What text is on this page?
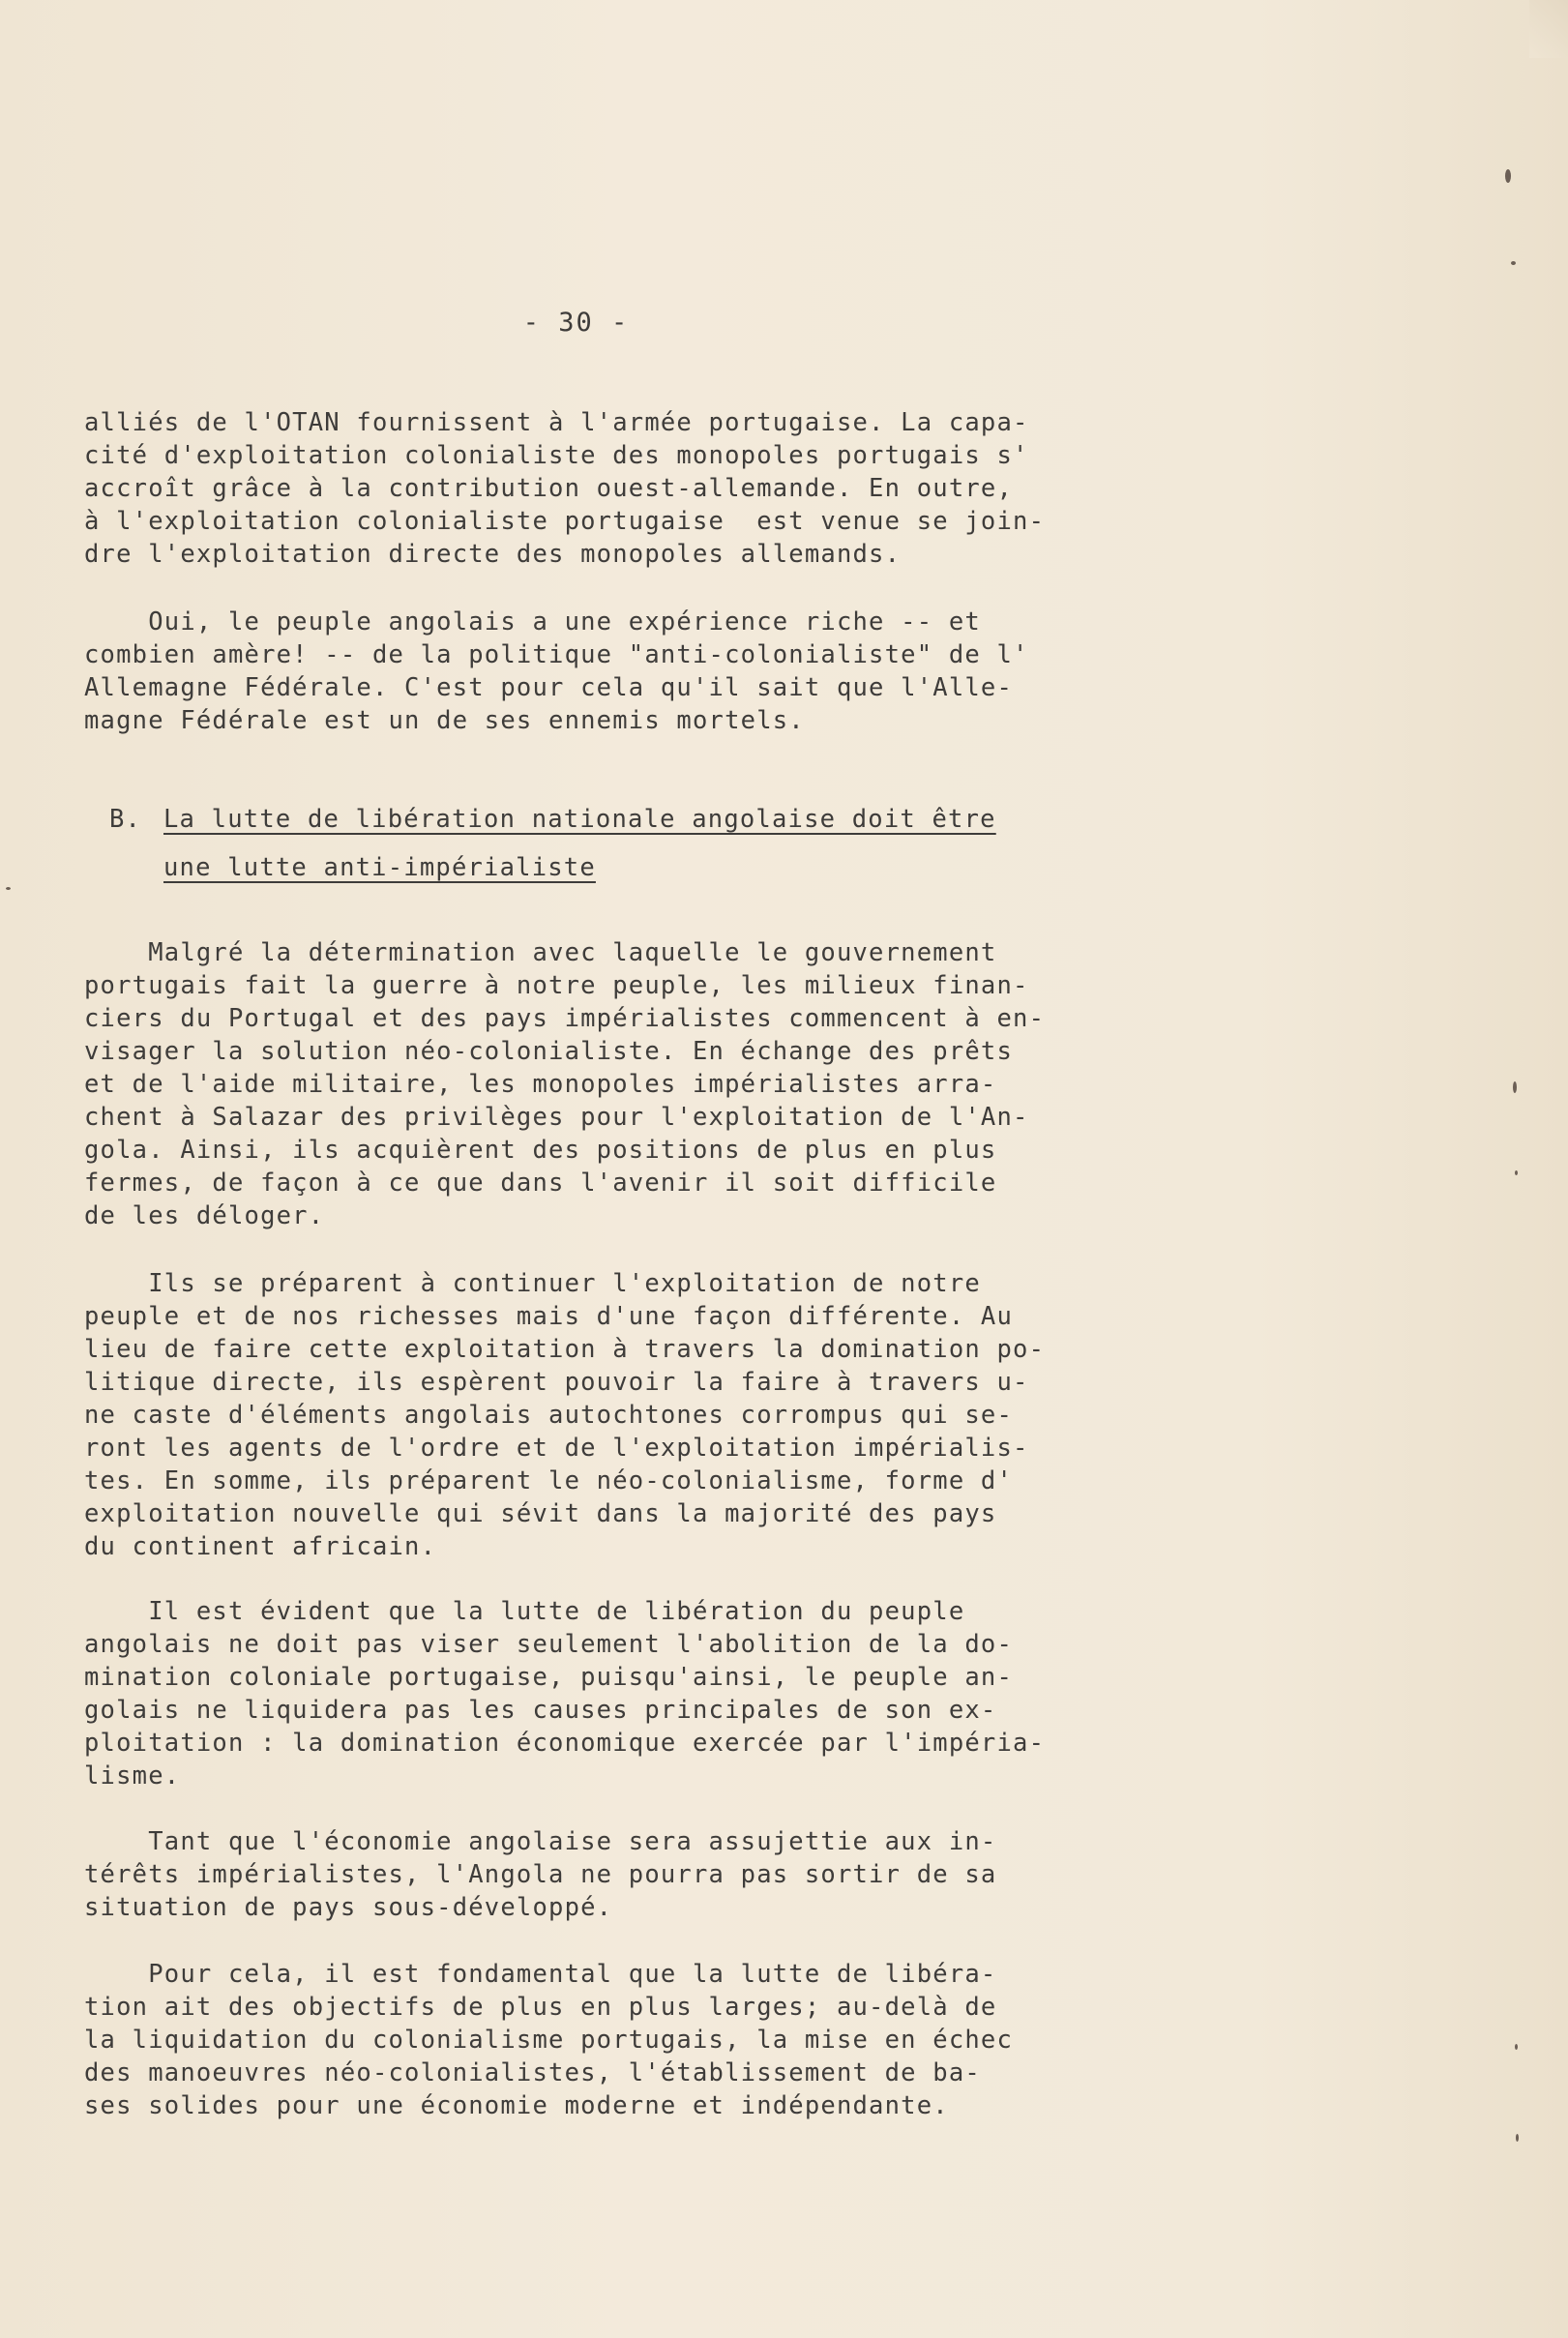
- 30 -
alliés de l'OTAN fournissent à l'armée portugaise. La capa-
cité d'exploitation colonialiste des monopoles portugais s'
accroît grâce à la contribution ouest-allemande. En outre,
à l'exploitation colonialiste portugaise  est venue se join-
dre l'exploitation directe des monopoles allemands.
Oui, le peuple angolais a une expérience riche -- et
combien amère! -- de la politique "anti-colonialiste" de l'
Allemagne Fédérale. C'est pour cela qu'il sait que l'Alle-
magne Fédérale est un de ses ennemis mortels.
B. La lutte de libération nationale angolaise doit être
une lutte anti-impérialiste
Malgré la détermination avec laquelle le gouvernement
portugais fait la guerre à notre peuple, les milieux finan-
ciers du Portugal et des pays impérialistes commencent à en-
visager la solution néo-colonialiste. En échange des prêts
et de l'aide militaire, les monopoles impérialistes arra-
chent à Salazar des privilèges pour l'exploitation de l'An-
gola. Ainsi, ils acquièrent des positions de plus en plus
fermes, de façon à ce que dans l'avenir il soit difficile
de les déloger.
Ils se préparent à continuer l'exploitation de notre
peuple et de nos richesses mais d'une façon différente. Au
lieu de faire cette exploitation à travers la domination po-
litique directe, ils espèrent pouvoir la faire à travers u-
ne caste d'éléments angolais autochtones corrompus qui se-
ront les agents de l'ordre et de l'exploitation impérialis-
tes. En somme, ils préparent le néo-colonialisme, forme d'
exploitation nouvelle qui sévit dans la majorité des pays
du continent africain.
Il est évident que la lutte de libération du peuple
angolais ne doit pas viser seulement l'abolition de la do-
mination coloniale portugaise, puisqu'ainsi, le peuple an-
golais ne liquidera pas les causes principales de son ex-
ploitation : la domination économique exercée par l'impéria-
lisme.
Tant que l'économie angolaise sera assujettie aux in-
térêts impérialistes, l'Angola ne pourra pas sortir de sa
situation de pays sous-développé.
Pour cela, il est fondamental que la lutte de libéra-
tion ait des objectifs de plus en plus larges; au-delà de
la liquidation du colonialisme portugais, la mise en échec
des manoeuvres néo-colonialistes, l'établissement de ba-
ses solides pour une économie moderne et indépendante.
